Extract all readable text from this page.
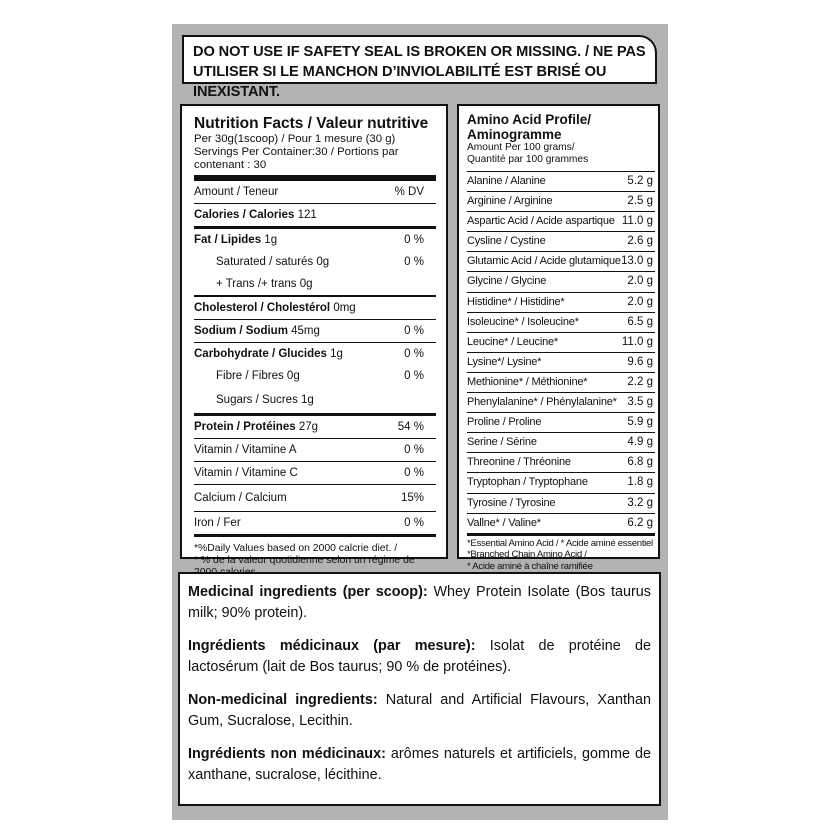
DO NOT USE IF SAFETY SEAL IS BROKEN OR MISSING. / NE PAS
UTILISER SI LE MANCHON D’INVIOLABILITÉ EST BRISÉ OU INEXISTANT.
Nutrition Facts / Valeur nutritive
Per 30g(1scoop) / Pour 1 mesure (30 g)
Servings Per Container:30 / Portions par contenant : 30
Amount / Teneur	% DV
Calories / Calories 121
Fat / Lipides 1g	0 %
Saturated / saturés 0g	0 %
+ Trans /+ trans 0g
Cholesterol / Cholestérol 0mg
Sodium / Sodium 45mg	0 %
Carbohydrate / Glucides 1g	0 %
Fibre / Fibres 0g	0 %
Sugars / Sucres 1g
Protein / Protéines 27g	54 %
Vitamin / Vitamine A	0 %
Vitamin / Vitamine C	0 %
Calcium / Calcium	15%
Iron / Fer	0 %
*%Daily Values based on 2000 calcrie diet. /
* % de la valeur quotidienne selon un régime de
Amino Acid Profile/
Aminogramme
Amount Per 100 grams/
Quantité par 100 grammes
Alanine / Alanine	5.2 g
Arginine / Arginine	2.5 g
Aspartic Acid / Acide aspartique 11.0 g
Cysline / Cystine	2.6 g
Glutamic Acid / Acide glutamique 13.0 g
Glycine / Glycine	2.0 g
Histidine* / Histidine*	2.0 g
Isoleucine* / Isoleucine*	6.5 g
Leucine* / Leucine*	11.0 g
Lysine*/ Lysine*	9.6 g
Methionine* / Méthionine*	2.2 g
Phenylalanine* / Phénylalanine* 3.5 g
Proline / Proline	5.9 g
Serine / Sérine	4.9 g
Threonine / Thréonine	6.8 g
Tryptophan / Tryptophane	1.8 g
Tyrosine / Tyrosine	3.2 g
Vallne* / Valine*	6.2 g
*Essential Amino Acid / * Acide aminé essentiel
*Branched Chain Amino Acid /
* Acide aminé à chaîne ramifiée

Medicinal ingredients (per scoop): Whey Protein Isolate (Bos taurus milk; 90% protein).

Ingrédients médicinaux (par mesure): Isolat de protéine de lactosérum (lait de Bos taurus; 90 % de protéines).

Non-medicinal ingredients: Natural and Artificial Flavours, Xanthan Gum, Sucralose, Lecithin.

Ingrédients non médicinaux: arômes naturels et artificiels, gomme de xanthane, sucralose, lécithine.
